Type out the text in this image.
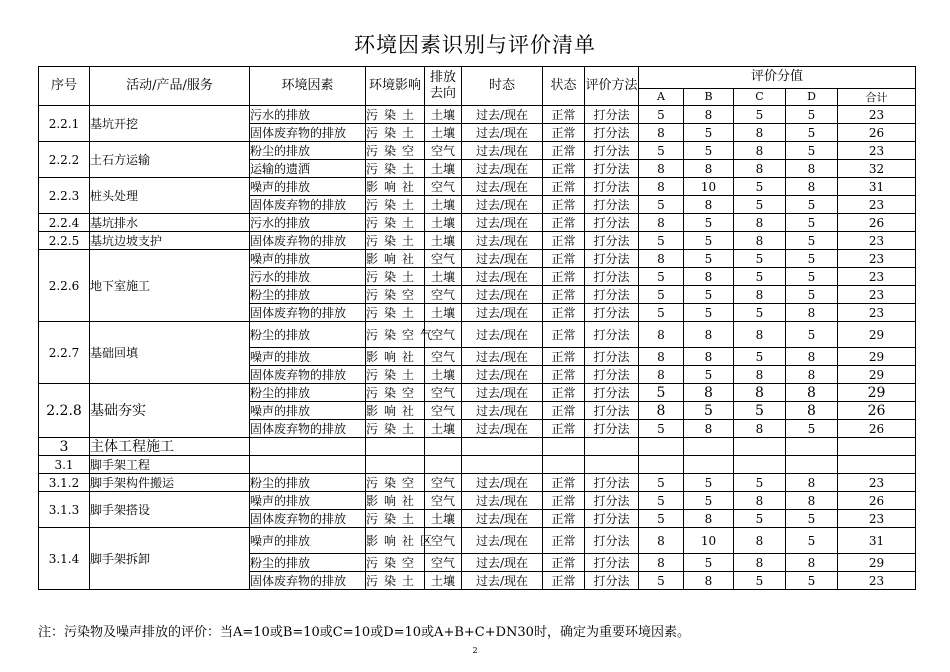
环境因素识别与评价清单
序号	活动/产品/服务	环境因素	环境影响	排放去向	时态	状态	评价方法	评价分值				
								A	B	C	D	合计
2.2.1	基坑开挖	污水的排放	污染土	土壤	过去/现在	正常	打分法	5	8	5	5	23
		固体废弃物的排放	污染土	土壤	过去/现在	正常	打分法	8	5	8	5	26
2.2.2	土石方运输	粉尘的排放	污染空	空气	过去/现在	正常	打分法	5	5	8	5	23
		运输的遗洒	污染土	土壤	过去/现在	正常	打分法	8	8	8	8	32
2.2.3	桩头处理	噪声的排放	影响社	空气	过去/现在	正常	打分法	8	10	5	8	31
		固体废弃物的排放	污染土	土壤	过去/现在	正常	打分法	5	8	5	5	23
2.2.4	基坑排水	污水的排放	污染土	土壤	过去/现在	正常	打分法	8	5	8	5	26
2.2.5	基坑边坡支护	固体废弃物的排放	污染土	土壤	过去/现在	正常	打分法	5	5	8	5	23
2.2.6	地下室施工	噪声的排放	影响社	空气	过去/现在	正常	打分法	8	5	5	5	23
		污水的排放	污染土	土壤	过去/现在	正常	打分法	5	8	5	5	23
		粉尘的排放	污染空	空气	过去/现在	正常	打分法	5	5	8	5	23
		固体废弃物的排放	污染土	土壤	过去/现在	正常	打分法	5	5	5	8	23
2.2.7	基础回填	粉尘的排放	污染空气	空气	过去/现在	正常	打分法	8	8	8	5	29
		噪声的排放	影响社	空气	过去/现在	正常	打分法	8	8	5	8	29
		固体废弃物的排放	污染土	土壤	过去/现在	正常	打分法	8	5	8	8	29
2.2.8	基础夯实	粉尘的排放	污染空	空气	过去/现在	正常	打分法	5	8	8	8	29
		噪声的排放	影响社	空气	过去/现在	正常	打分法	8	5	5	8	26
		固体废弃物的排放	污染土	土壤	过去/现在	正常	打分法	5	8	8	5	26
3	主体工程施工											
3.1	脚手架工程											
3.1.2	脚手架构件搬运	粉尘的排放	污染空	空气	过去/现在	正常	打分法	5	5	5	8	23
3.1.3	脚手架搭设	噪声的排放	影响社	空气	过去/现在	正常	打分法	5	5	8	8	26
		固体废弃物的排放	污染土	土壤	过去/现在	正常	打分法	5	8	5	5	23
3.1.4	脚手架拆卸	噪声的排放	影响社区	空气	过去/现在	正常	打分法	8	10	8	5	31
		粉尘的排放	污染空	空气	过去/现在	正常	打分法	8	5	8	8	29
		固体废弃物的排放	污染土	土壤	过去/现在	正常	打分法	5	8	5	5	23
注：污染物及噪声排放的评价：当A=10或B=10或C=10或D=10或A+B+C+DN30时，确定为重要环境因素。
2
